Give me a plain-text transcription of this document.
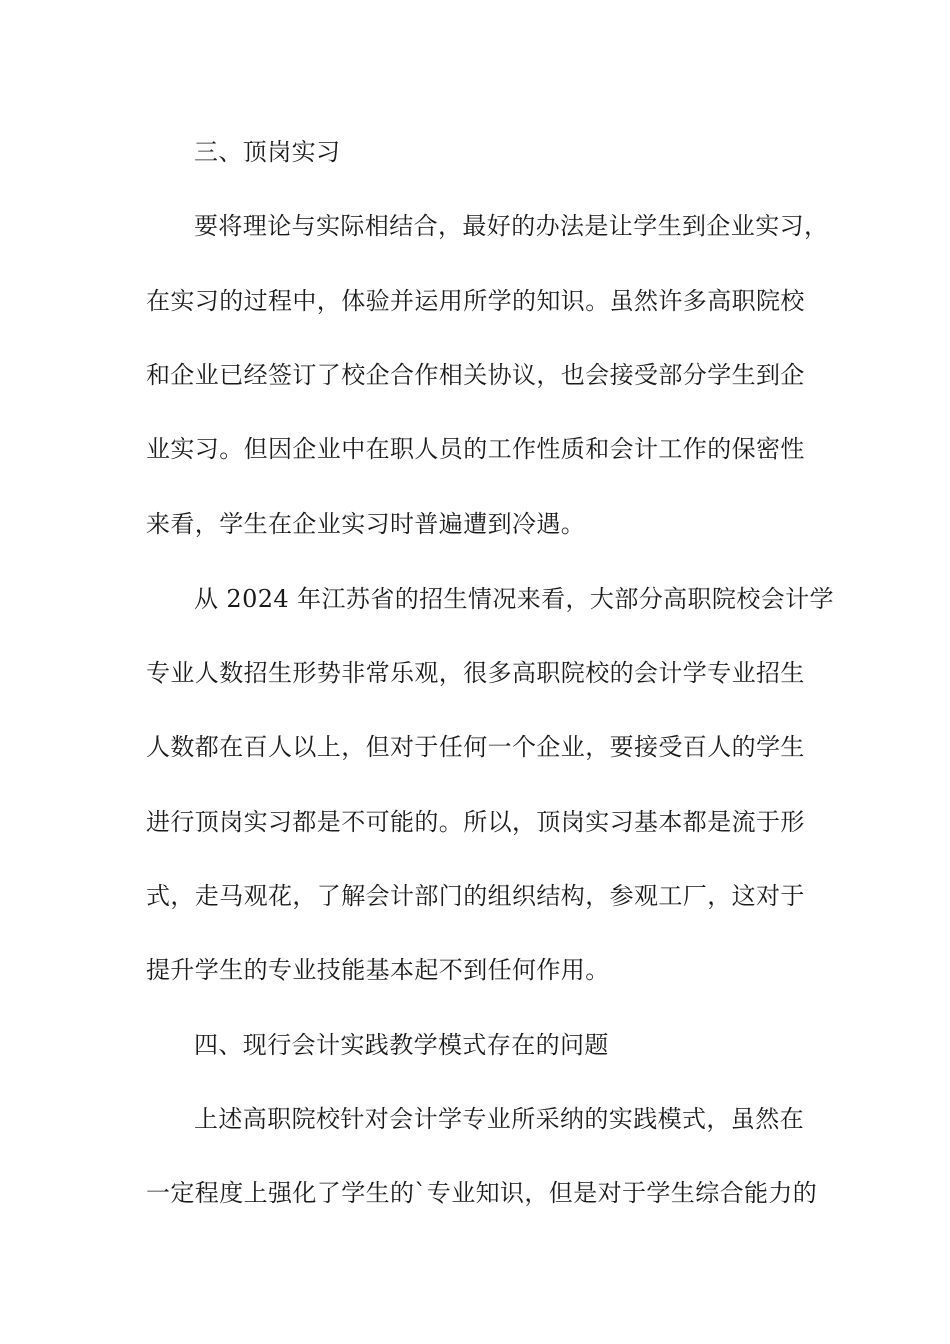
三、顶岗实习
要将理论与实际相结合，最好的办法是让学生到企业实习，
在实习的过程中，体验并运用所学的知识。虽然许多高职院校
和企业已经签订了校企合作相关协议，也会接受部分学生到企
业实习。但因企业中在职人员的工作性质和会计工作的保密性
来看，学生在企业实习时普遍遭到冷遇。
从 2024 年江苏省的招生情况来看，大部分高职院校会计学
专业人数招生形势非常乐观，很多高职院校的会计学专业招生
人数都在百人以上，但对于任何一个企业，要接受百人的学生
进行顶岗实习都是不可能的。所以，顶岗实习基本都是流于形
式，走马观花，了解会计部门的组织结构，参观工厂，这对于
提升学生的专业技能基本起不到任何作用。
四、现行会计实践教学模式存在的问题
上述高职院校针对会计学专业所采纳的实践模式，虽然在
一定程度上强化了学生的`专业知识，但是对于学生综合能力的
